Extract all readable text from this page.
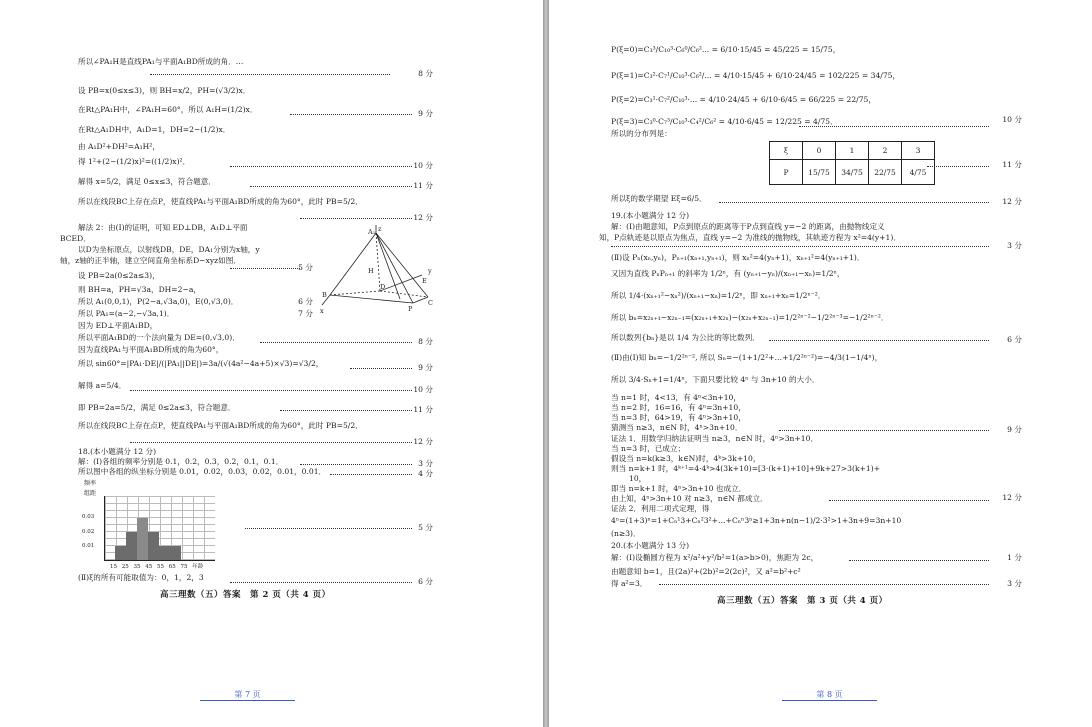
所以∠PA₁H是直线PA₁与平面A₁BD所成的角．…
8 分
设 PB=x(0≤x≤3)，则 BH=x/2，PH=(√3/2)x．
在Rt△PA₁H中，∠PA₁H=60°，所以 A₁H=(1/2)x．	9 分
在Rt△A₁DH中，A₁D=1，DH=2−(1/2)x．
由 A₁D²+DH²=A₁H²，
得 1²+(2−(1/2)x)²=((1/2)x)²．	10 分
解得 x=5/2，满足 0≤x≤3，符合题意．	11 分
所以在线段BC上存在点P，使直线PA₁与平面A₁BD所成的角为60°，此时 PB=5/2．
12 分
解法 2：由(Ⅰ)的证明，可知 ED⊥DB，A₁D⊥平面
BCED．
以D为坐标原点，以射线DB，DE，DA₁分别为x轴，y
轴，z轴的正半轴，建立空间直角坐标系D−xyz如图．
5 分
设 PB=2a(0≤2a≤3)，
则 BH=a，PH=√3a，DH=2−a，
所以 A₁(0,0,1)，P(2−a,√3a,0)，E(0,√3,0)．	6 分
所以 PA₁=(a−2,−√3a,1)．	7 分
因为 ED⊥平面A₁BD，
A₁
E
H
C
B
D
P
z
y
x
所以平面A₁BD的一个法向量为 DE=(0,√3,0)．	8 分
因为直线PA₁与平面A₁BD所成的角为60°，
所以 sin60°=|PA₁·DE|/(|PA₁||DE|)=3a/(√(4a²−4a+5)×√3)=√3/2，	9 分
解得 a=5/4．	10 分
即 PB=2a=5/2，满足 0≤2a≤3，符合题意．	11 分
所以在线段BC上存在点P，使直线PA₁与平面A₁BD所成的角为60°，此时 PB=5/2．
12 分
18.(本小题满分 12 分)
解：(Ⅰ)各组的频率分别是 0.1，0.2，0.3，0.2，0.1，0.1．	3 分
所以图中各组的纵坐标分别是 0.01，0.02，0.03，0.02，0.01，0.01．	4 分
频率
组距
0.03
0.02
0.01
15 25 35 45 55 65 75 年龄
5 分
(Ⅱ)ξ的所有可能取值为：0，1，2，3	6 分
高三理数（五）答案　第 2 页（共 4 页）
第 7 页
P(ξ=0)=C₃³/C₁₀³·C₆⁰/C₆²... = 6/10·15/45 = 45/225 = 15/75，
P(ξ=1)=C₃²·C₇¹/C₁₀³·C₆²/... = 4/10·15/45 + 6/10·24/45 = 102/225 = 34/75，
P(ξ=2)=C₃¹·C₇²/C₁₀³·... = 4/10·24/45 + 6/10·6/45 = 66/225 = 22/75，
P(ξ=3)=C₃⁰·C₇³/C₁₀³·C₄²/C₆² = 4/10·6/45 = 12/225 = 4/75．	10 分
所以的分布列是：
ξ	0	1	2	3
P	15/75	34/75	22/75	4/75
11 分
所以ξ的数学期望 Eξ=6/5．	12 分
19.(本小题满分 12 分)
解：(Ⅰ)由题意知，P点到原点的距离等于P点到直线 y=−2 的距离，由抛物线定义
知，P点轨迹是以原点为焦点，直线 y=−2 为准线的抛物线，其轨迹方程为 x²=4(y+1)．
3 分
(Ⅱ)设 Pₙ(xₙ,yₙ)，Pₙ₊₁(xₙ₊₁,yₙ₊₁)，则 xₙ²=4(yₙ+1)，xₙ₊₁²=4(yₙ₊₁+1)．
又因为直线 PₙPₙ₊₁ 的斜率为 1/2ⁿ，有 (yₙ₊₁−yₙ)/(xₙ₊₁−xₙ)=1/2ⁿ，
所以 1/4·(xₙ₊₁²−xₙ²)/(xₙ₊₁−xₙ)=1/2ⁿ，即 xₙ₊₁+xₙ=1/2ⁿ⁻²．
所以 bₙ=x₂ₙ₊₁−x₂ₙ₋₁=(x₂ₙ₊₁+x₂ₙ)−(x₂ₙ+x₂ₙ₋₁)=1/2²ⁿ⁻²−1/2²ⁿ⁻³=−1/2²ⁿ⁻²．
所以数列{bₙ}是以 1/4 为公比的等比数列．	6 分
(Ⅱ)由(Ⅰ)知 bₙ=−1/2²ⁿ⁻², 所以 Sₙ=−(1+1/2²+…+1/2²ⁿ⁻²)=−4/3(1−1/4ⁿ)，
所以 3/4·Sₙ+1=1/4ⁿ，下面只要比较 4ⁿ 与 3n+10 的大小．
当 n=1 时，4<13，有 4ⁿ<3n+10，
当 n=2 时，16=16，有 4ⁿ=3n+10，
当 n=3 时，64>19，有 4ⁿ>3n+10，
猜测当 n≥3，n∈N 时，4ⁿ>3n+10．	9 分
证法 1．用数学归纳法证明当 n≥3，n∈N 时，4ⁿ>3n+10．
当 n=3 时，已成立；
假设当 n=k(k≥3，k∈N)时，4ᵏ>3k+10，
则当 n=k+1 时，4ᵏ⁺¹=4·4ᵏ>4(3k+10)=[3·(k+1)+10]+9k+27>3(k+1)+
10，
即当 n=k+1 时，4ⁿ>3n+10 也成立．
由上知，4ⁿ>3n+10 对 n≥3，n∈N 都成立．	12 分
证法 2．利用二项式定理，得
4ⁿ=(1+3)ⁿ=1+Cₙ¹3+Cₙ²3²+…+Cₙⁿ3ⁿ≥1+3n+n(n−1)/2·3²>1+3n+9=3n+10
(n≥3)．
20.(本小题满分 13 分)
解：(Ⅰ)设椭圆方程为 x²/a²+y²/b²=1(a>b>0)，焦距为 2c，	1 分
由题意知 b=1，且(2a)²+(2b)²=2(2c)²，又 a²=b²+c²
得 a²=3．	3 分
高三理数（五）答案　第 3 页（共 4 页）
第 8 页
